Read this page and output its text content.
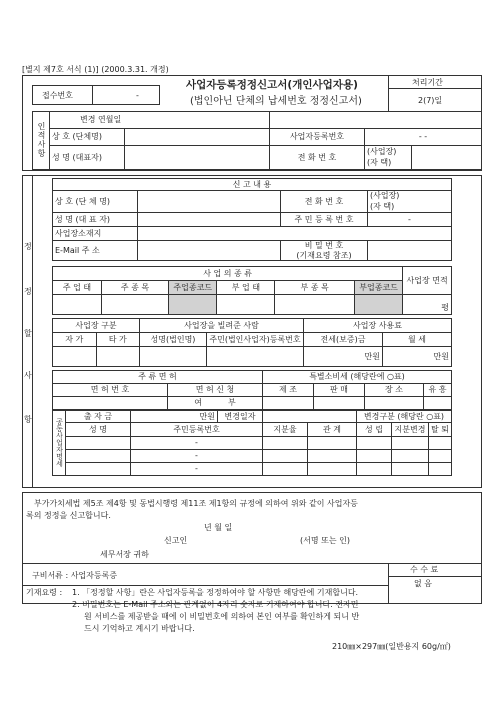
[별지 제7호 서식 (1)] (2000.3.31. 개정)
접수번호	-
사업자등록정정신고서(개인사업자용)
(법인아닌 단체의 납세번호 정정신고서)
처리기간
2(7)일
인적사항	변경 연월일				
	상 호 (단체명)		사업자등록번호	- -	
	성 명 (대표자)		전 화 번 호	(사업장)
(자 택)	
정
정
할
사
항
신 고 내 용			
상 호 (단 체 명)		전 화 번 호	(사업장)
(자 택)
성 명 (대 표 자)		주 민 등 록 번 호	-
사업장소재지			
E-Mail 주 소		비 밀 번 호
(기재요령 참조)	
사 업 의 종 류						사업장 면적
주 업 태	주 종 목	주업종코드	부 업 태	부 종 목	부업종코드	
						평
사업장 구분		사업장을 빌려준 사람		사업장 사용료	
자 가	타 가	성명(법인명)	주민(법인사업자)등록번호	전세(보증)금	월 세
				만원	만원
주 류 면 허		특별소비세 (해당란에 ○표)			
면 허 번 호	면 허 신 청	제 조	판 매	장 소	유 흥
	여 부				
공동사업자명세	출 자 금	만원	변경일자			변경구분 (해당란 ○표)		
	성 명	주민등록번호		지분율	관 계	성 립	지분변경	탈 퇴
		-						
		-						
		-						
부가가치세법 제5조 제4항 및 동법시행령 제11조 제1항의 규정에 의하여 위와 같이 사업자등
록의 정정을 신고합니다.
년 월 일
신고인	(서명 또는 인)
세무서장 귀하
구비서류 : 사업자등록증
수 수 료
없 음
기재요령 : 1. 「정정할 사항」란은 사업자등록을 정정하여야 할 사항만 해당란에 기재합니다.
2. 비밀번호는 E-Mail 주소와는 관계없이 4자리 숫자로 기재하여야 합니다. 전자민
원 서비스를 제공받을 때에 이 비밀번호에 의하여 본인 여부를 확인하게 되니 반
드시 기억하고 계시기 바랍니다.
210㎜×297㎜(일반용지 60g/㎡)
